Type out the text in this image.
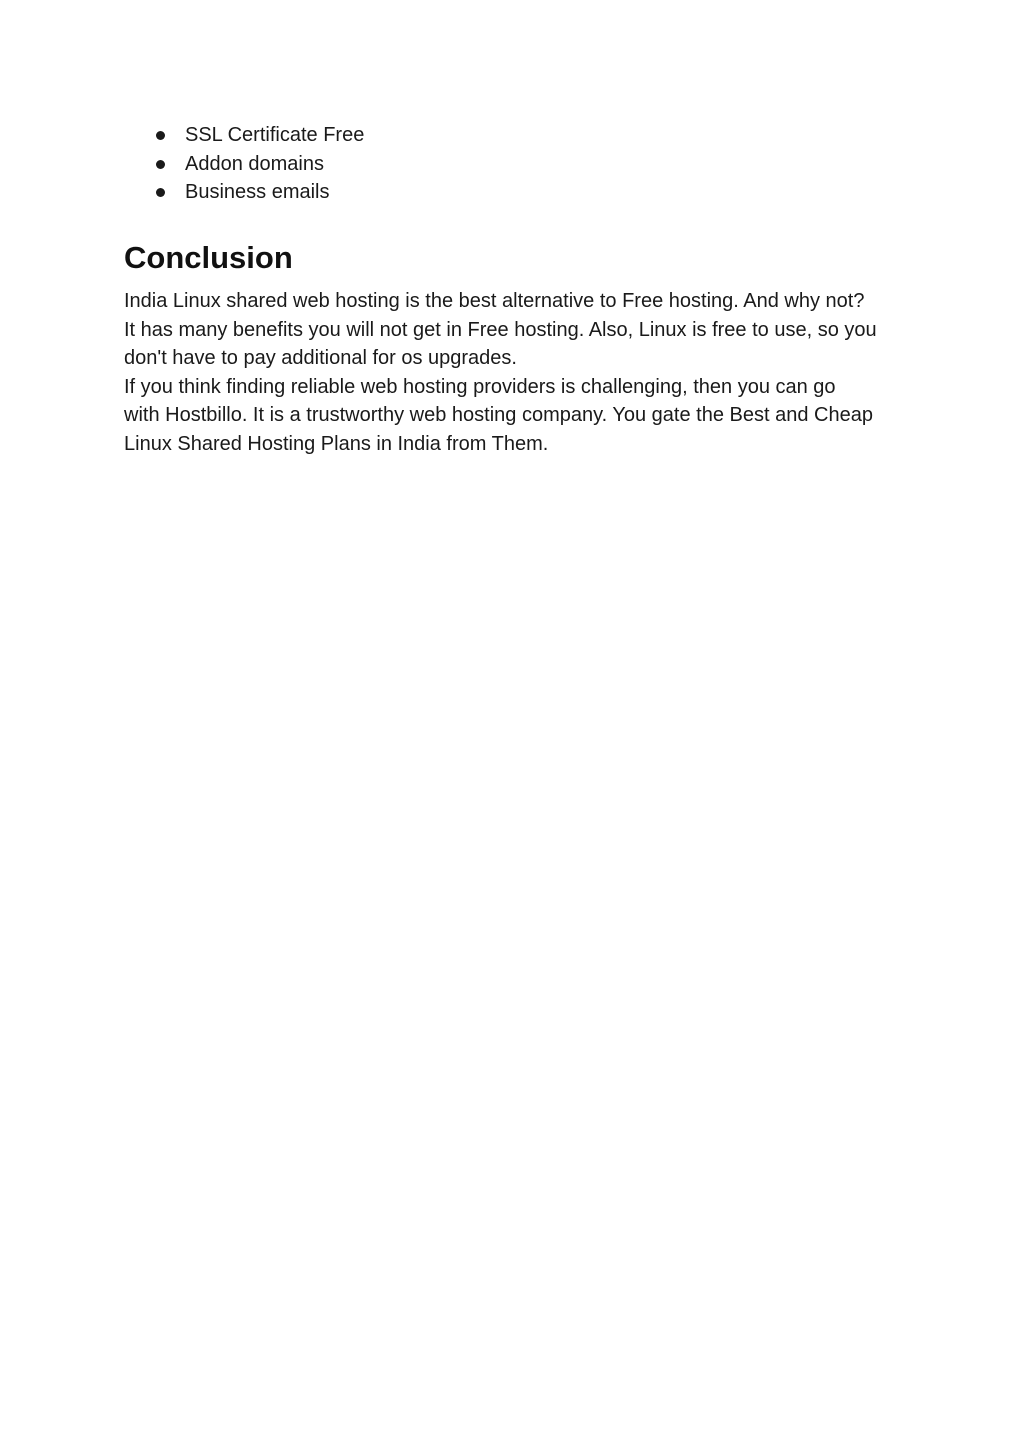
SSL Certificate Free
Addon domains
Business emails
Conclusion

India Linux shared web hosting is the best alternative to Free hosting. And why not?
It has many benefits you will not get in Free hosting. Also, Linux is free to use, so you
don't have to pay additional for os upgrades.
If you think finding reliable web hosting providers is challenging, then you can go
with Hostbillo. It is a trustworthy web hosting company. You gate the Best and Cheap
Linux Shared Hosting Plans in India from Them.
